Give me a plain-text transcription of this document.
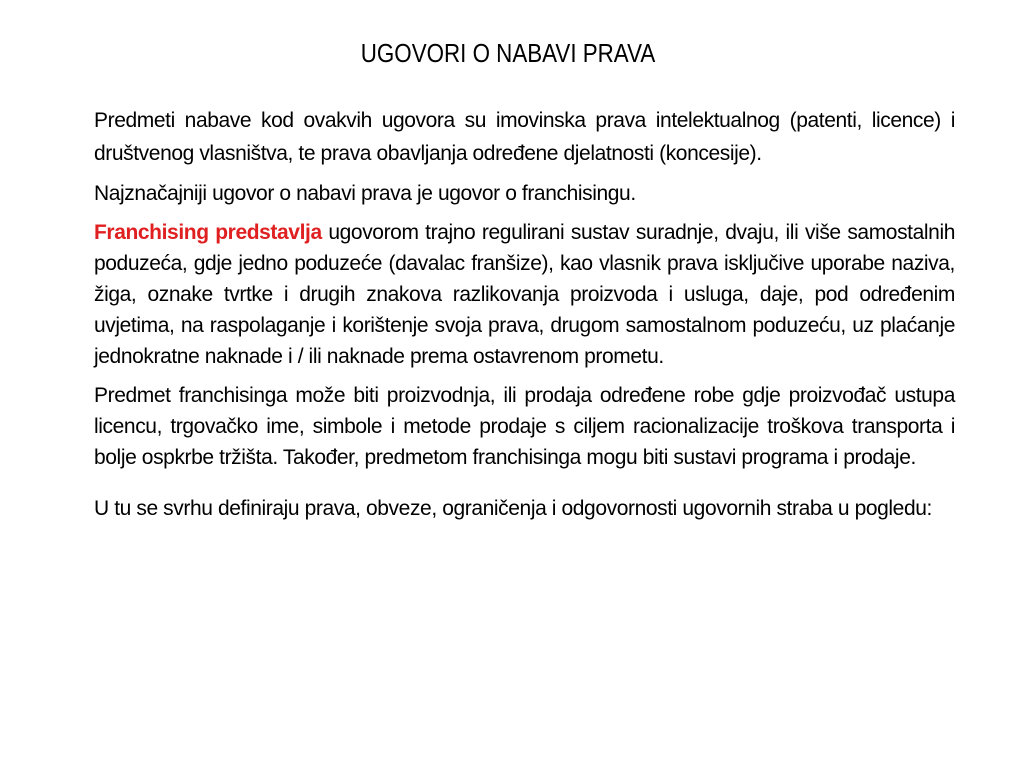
UGOVORI O NABAVI PRAVA

Predmeti nabave kod ovakvih ugovora su imovinska prava intelektualnog (patenti, licence) i društvenog vlasništva, te prava obavljanja određene djelatnosti (koncesije).

Najznačajniji ugovor o nabavi prava je ugovor o franchisingu.

Franchising predstavlja ugovorom trajno regulirani sustav suradnje, dvaju, ili više samostalnih poduzeća, gdje jedno poduzeće (davalac franšize), kao vlasnik prava isključive uporabe naziva, žiga, oznake tvrtke i drugih znakova razlikovanja proizvoda i usluga, daje, pod određenim uvjetima, na raspolaganje i korištenje svoja prava, drugom samostalnom poduzeću, uz plaćanje jednokratne naknade i / ili naknade prema ostavrenom prometu.

Predmet franchisinga može biti proizvodnja, ili prodaja određene robe gdje proizvođač ustupa licencu, trgovačko ime, simbole i metode prodaje s ciljem racionalizacije troškova transporta i bolje ospkrbe tržišta. Također, predmetom franchisinga mogu biti sustavi programa i prodaje.

U tu se svrhu definiraju prava, obveze, ograničenja i odgovornosti ugovornih straba u pogledu:
